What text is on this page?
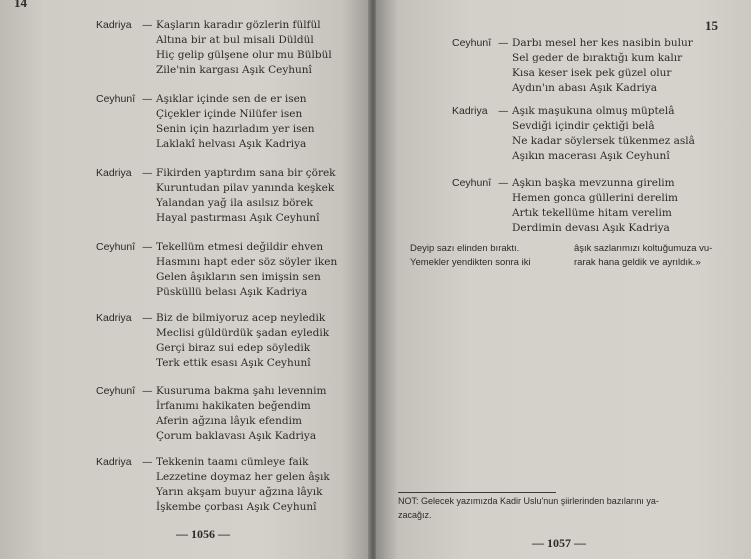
14
Kadriya — Kaşların karadır gözlerin fülfül
Altına bir at bul misali Düldül
Hiç gelip gülşene olur mu Bülbül
Zile'nin kargası Aşık Ceyhunî
Ceyhunî — Aşıklar içinde sen de er isen
Çiçekler içinde Nilüfer isen
Senin için hazırladım yer isen
Laklakî helvası Aşık Kadriya
Kadriya — Fikirden yaptırdım sana bir çörek
Kuruntudan pilav yanında keşkek
Yalandan yağ ila asılsız börek
Hayal pastırması Aşık Ceyhunî
Ceyhunî — Tekellüm etmesi değildir ehven
Hasmını hapt eder söz söyler iken
Gelen âşıkların sen imişsin sen
Püsküllü belası Aşık Kadriya
Kadriya — Biz de bilmiyoruz acep neyledik
Meclisi güldürdük şadan eyledik
Gerçi biraz sui edep söyledik
Terk ettik esası Aşık Ceyhunî
Ceyhunî — Kusuruma bakma şahı levennim
İrfanımı hakikaten beğendim
Aferin ağzına lâyık efendim
Çorum baklavası Aşık Kadriya
Kadriya — Tekkenin taamı cümleye faik
Lezzetine doymaz her gelen âşık
Yarın akşam buyur ağzına lâyık
İşkembe çorbası Aşık Ceyhunî
— 1056 —
15
Ceyhunî — Darbı mesel her kes nasibin bulur
Sel geder de bıraktığı kum kalır
Kısa keser isek pek güzel olur
Aydın'ın abası Aşık Kadriya
Kadriya — Aşık maşukuna olmuş müptelâ
Sevdiği içindir çektiği belâ
Ne kadar söylersek tükenmez aslâ
Aşıkın macerası Aşık Ceyhunî
Ceyhunî — Aşkın başka mevzunna girelim
Hemen gonca güllerini derelim
Artık tekellüme hitam verelim
Derdimin devası Aşık Kadriya
Deyip sazı elinden bıraktı.
Yemekler yendikten sonra iki
âşık sazlarımızı koltuğumuza vu-
rarak hana geldik ve ayrıldık.»
NOT: Gelecek yazımızda Kadir Uslu'nun şiirlerinden bazılarını ya-
zacağız.
— 1057 —
